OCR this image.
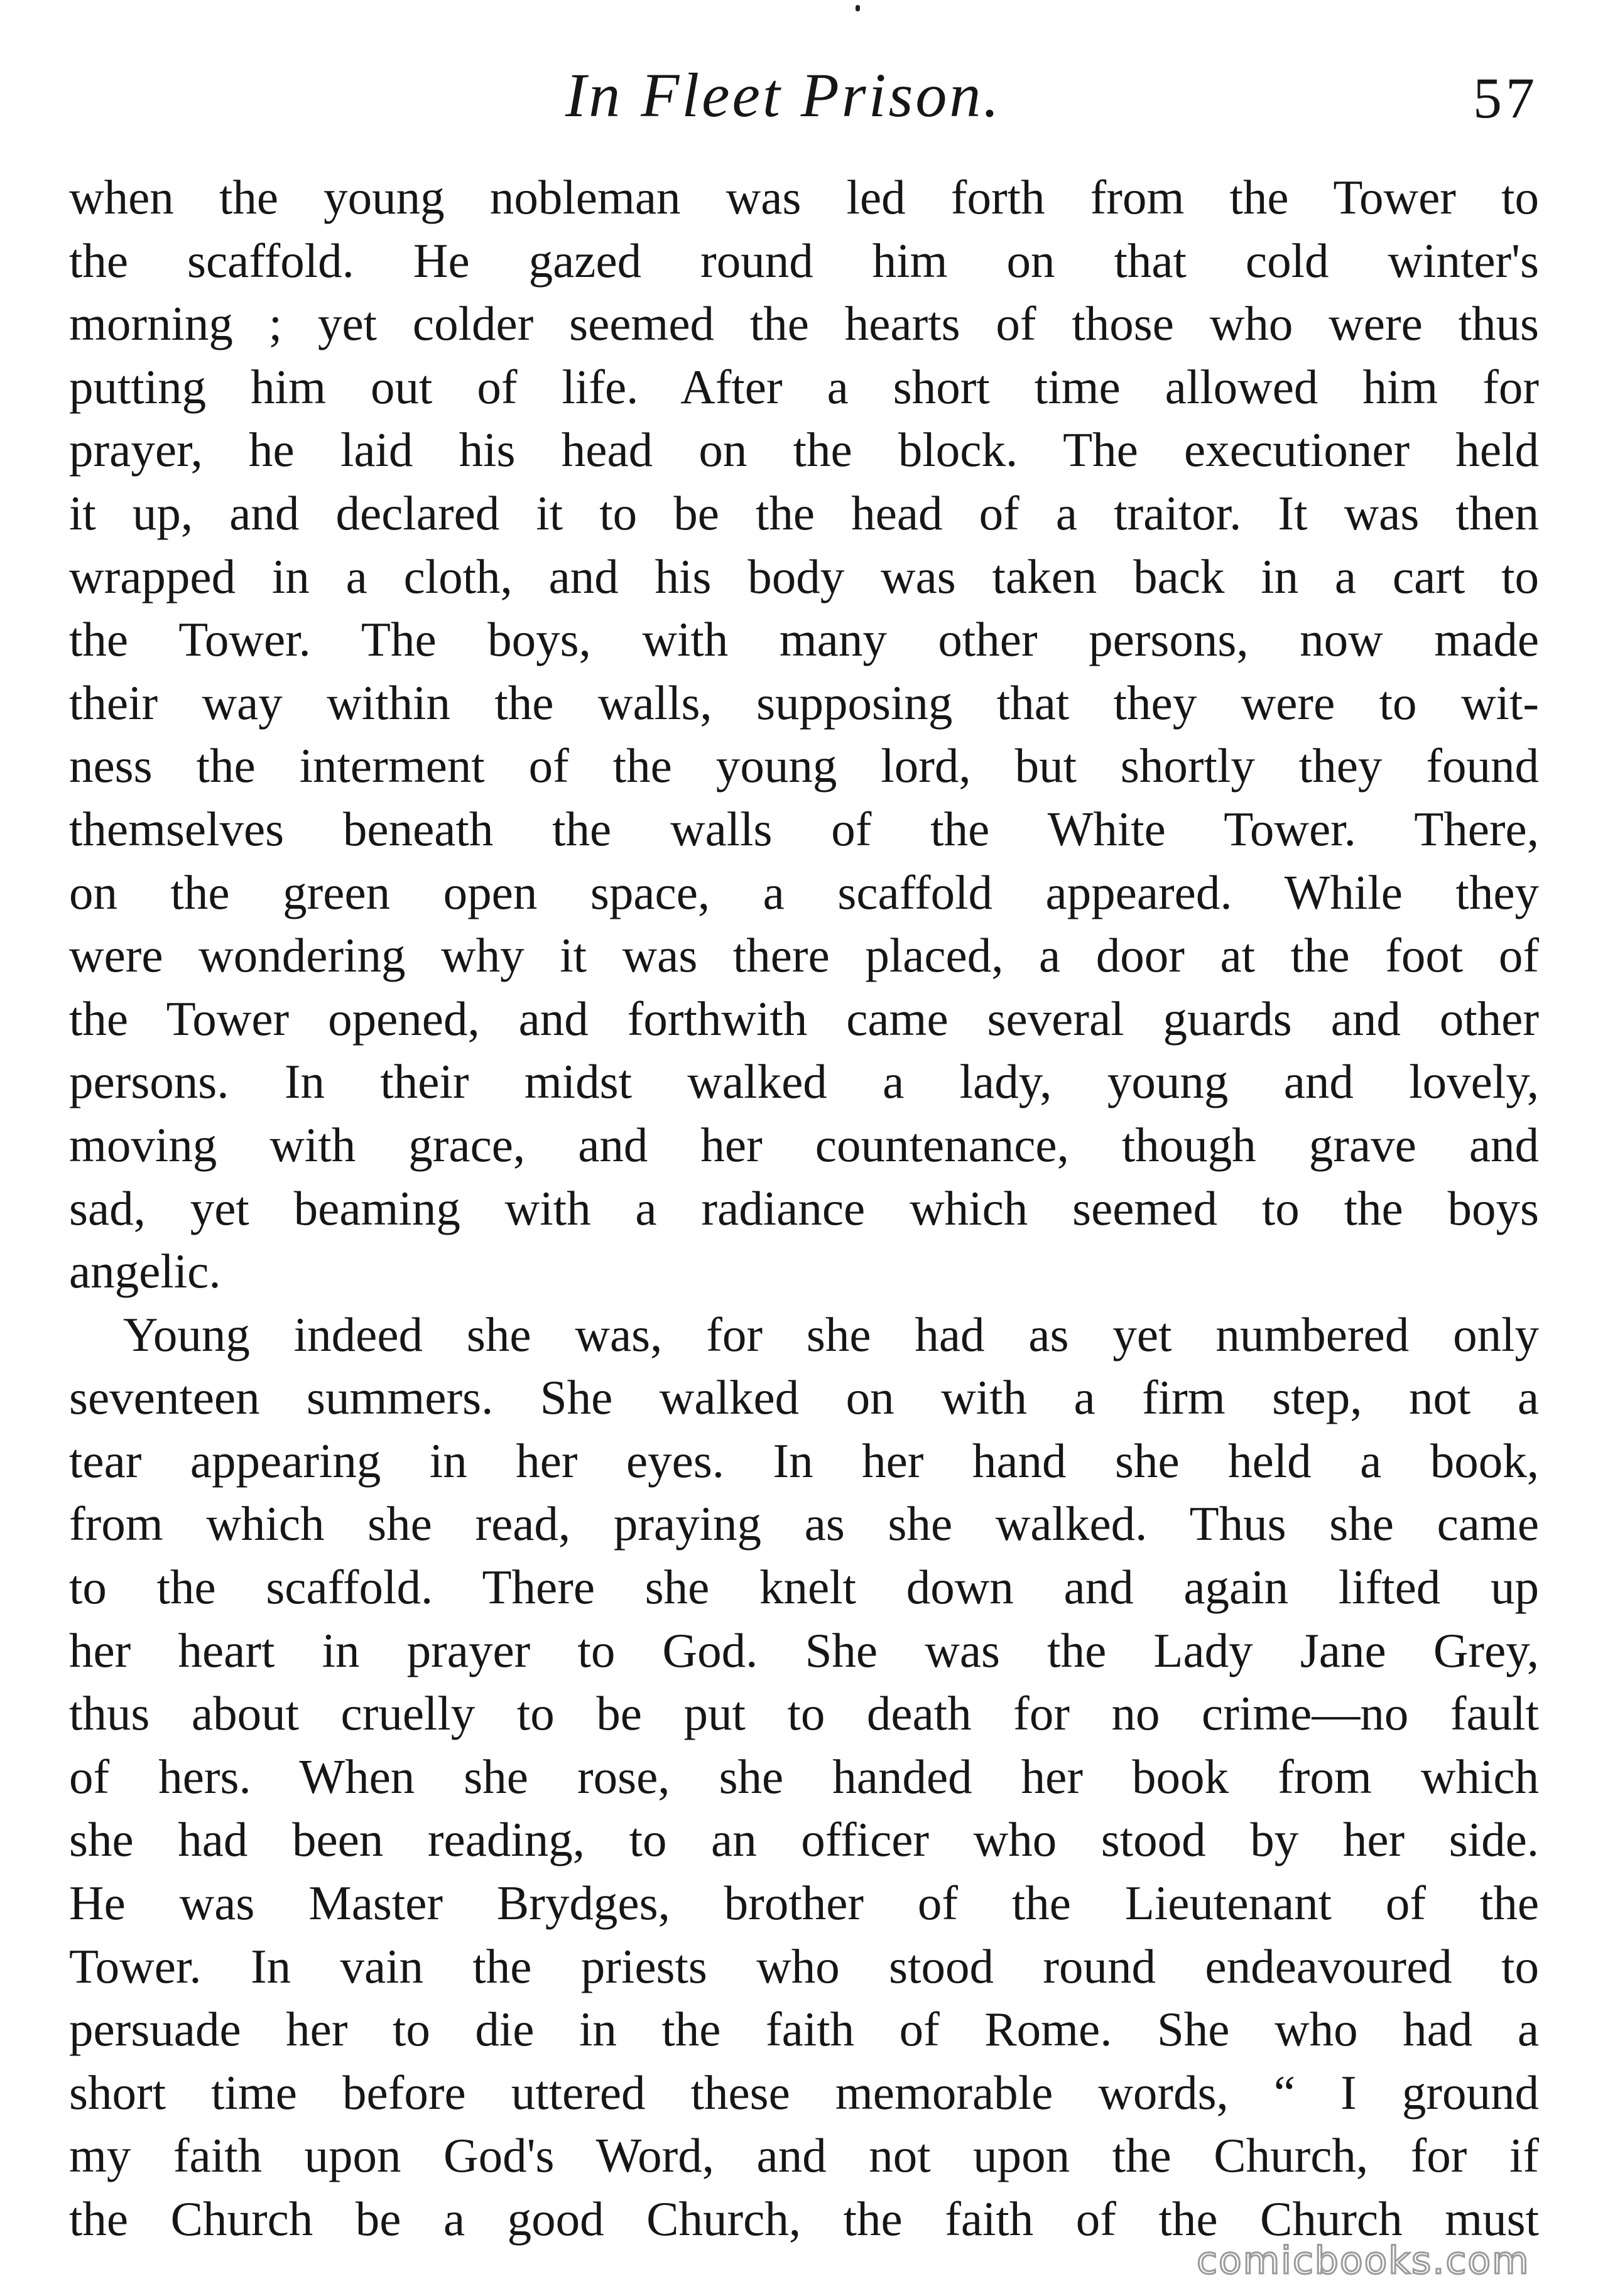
In Fleet Prison.	57
when the young nobleman was led forth from the Tower to
the scaffold. He gazed round him on that cold winter's
morning ; yet colder seemed the hearts of those who were thus
putting him out of life. After a short time allowed him for
prayer, he laid his head on the block. The executioner held
it up, and declared it to be the head of a traitor. It was then
wrapped in a cloth, and his body was taken back in a cart to
the Tower. The boys, with many other persons, now made
their way within the walls, supposing that they were to wit-
ness the interment of the young lord, but shortly they found
themselves beneath the walls of the White Tower. There,
on the green open space, a scaffold appeared. While they
were wondering why it was there placed, a door at the foot of
the Tower opened, and forthwith came several guards and other
persons. In their midst walked a lady, young and lovely,
moving with grace, and her countenance, though grave and
sad, yet beaming with a radiance which seemed to the boys
angelic.
Young indeed she was, for she had as yet numbered only
seventeen summers. She walked on with a firm step, not a
tear appearing in her eyes. In her hand she held a book,
from which she read, praying as she walked. Thus she came
to the scaffold. There she knelt down and again lifted up
her heart in prayer to God. She was the Lady Jane Grey,
thus about cruelly to be put to death for no crime—no fault
of hers. When she rose, she handed her book from which
she had been reading, to an officer who stood by her side.
He was Master Brydges, brother of the Lieutenant of the
Tower. In vain the priests who stood round endeavoured to
persuade her to die in the faith of Rome. She who had a
short time before uttered these memorable words, “ I ground
my faith upon God's Word, and not upon the Church, for if
the Church be a good Church, the faith of the Church must
comicbooks.com
